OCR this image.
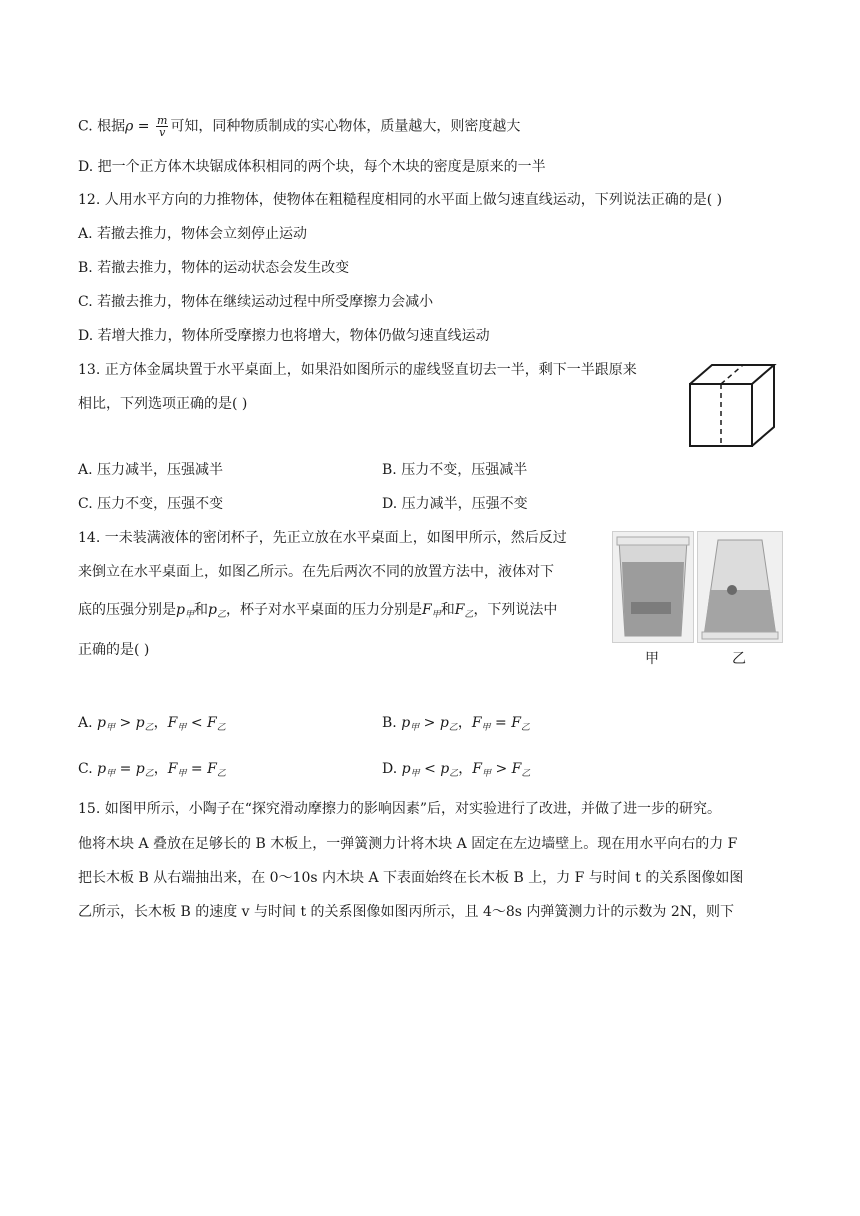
C. 根据$\rho = \frac{m}{v}$ 可知，同种物质制成的实心物体，质量越大，则密度越大
D. 把一个正方体木块锯成体积相同的两个块，每个木块的密度是原来的一半
12. 人用水平方向的力推物体，使物体在粗糙程度相同的水平面上做匀速直线运动，下列说法正确的是( )
A. 若撤去推力，物体会立刻停止运动
B. 若撤去推力，物体的运动状态会发生改变
C. 若撤去推力，物体在继续运动过程中所受摩擦力会减小
D. 若增大推力，物体所受摩擦力也将增大，物体仍做匀速直线运动
13. 正方体金属块置于水平桌面上，如果沿如图所示的虚线竖直切去一半，剩下一半跟原来
相比，下列选项正确的是( )
A. 压力减半，压强减半	B. 压力不变，压强减半
C. 压力不变，压强不变	D. 压力减半，压强不变
14. 一未装满液体的密闭杯子，先正立放在水平桌面上，如图甲所示，然后反过
来倒立在水平桌面上，如图乙所示。在先后两次不同的放置方法中，液体对下
底的压强分别是$p_甲$和$p_乙$，杯子对水平桌面的压力分别是$F_甲$和$F_乙$，下列说法中
正确的是( )
甲	乙
A. $p_甲 > p_乙$，$F_甲 < F_乙$	B. $p_甲 > p_乙$，$F_甲 = F_乙$
C. $p_甲 = p_乙$，$F_甲 = F_乙$	D. $p_甲 < p_乙$，$F_甲 > F_乙$
15. 如图甲所示，小陶子在“探究滑动摩擦力的影响因素”后，对实验进行了改进，并做了进一步的研究。
他将木块 A 叠放在足够长的 B 木板上，一弹簧测力计将木块 A 固定在左边墙壁上。现在用水平向右的力 F
把长木板 B 从右端抽出来，在 0～10s 内木块 A 下表面始终在长木板 B 上，力 F 与时间 t 的关系图像如图
乙所示，长木板 B 的速度 v 与时间 t 的关系图像如图丙所示，且 4～8s 内弹簧测力计的示数为 2N，则下
